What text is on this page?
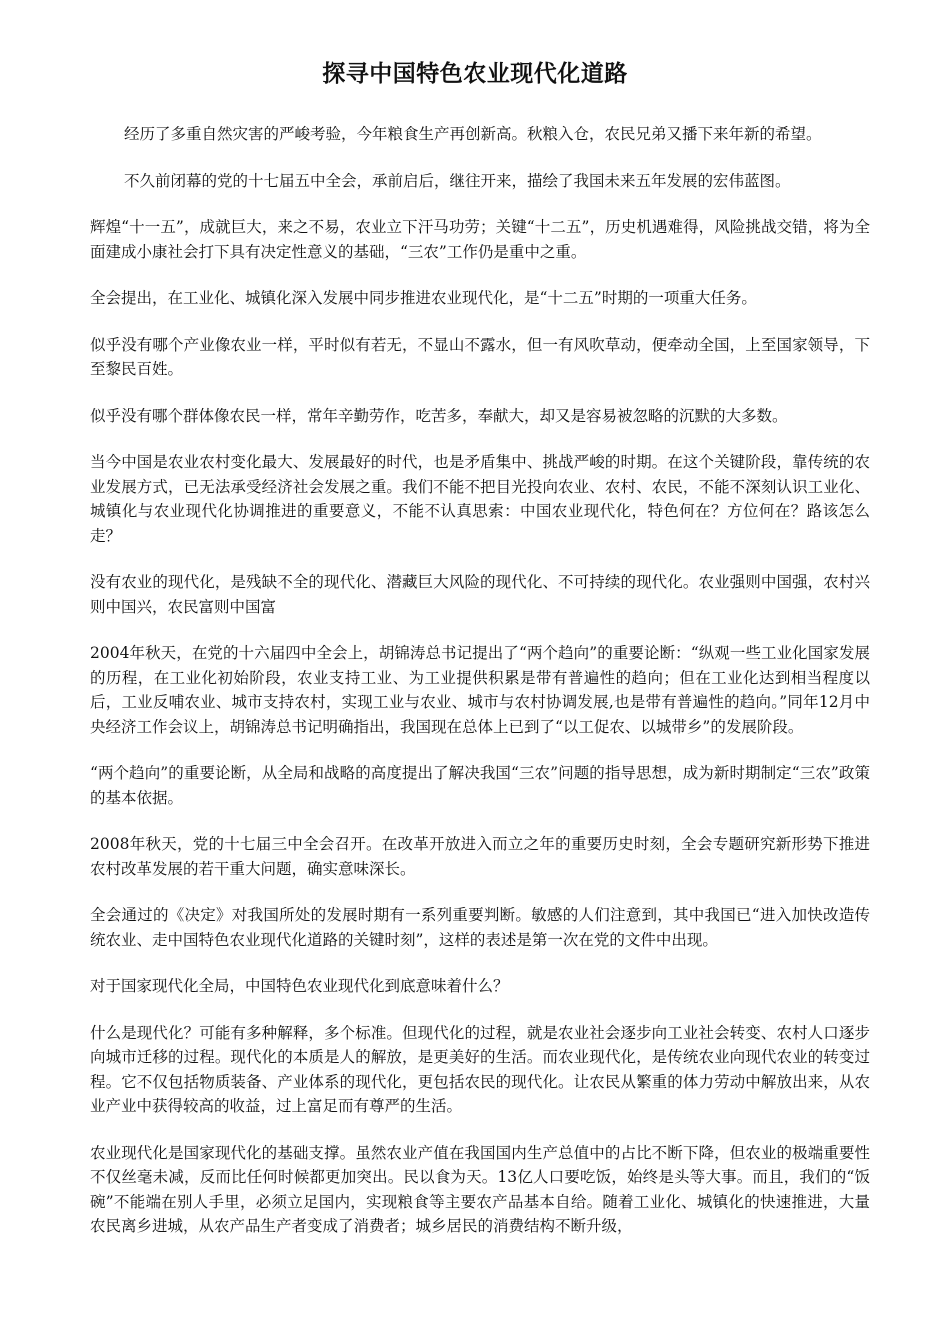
探寻中国特色农业现代化道路

经历了多重自然灾害的严峻考验，今年粮食生产再创新高。秋粮入仓，农民兄弟又播下来年新的希望。

不久前闭幕的党的十七届五中全会，承前启后，继往开来，描绘了我国未来五年发展的宏伟蓝图。

辉煌“十一五”，成就巨大，来之不易，农业立下汗马功劳；关键“十二五”，历史机遇难得，风险挑战交错，将为全面建成小康社会打下具有决定性意义的基础，“三农”工作仍是重中之重。

全会提出，在工业化、城镇化深入发展中同步推进农业现代化，是“十二五”时期的一项重大任务。

似乎没有哪个产业像农业一样，平时似有若无，不显山不露水，但一有风吹草动，便牵动全国，上至国家领导，下至黎民百姓。

似乎没有哪个群体像农民一样，常年辛勤劳作，吃苦多，奉献大，却又是容易被忽略的沉默的大多数。

当今中国是农业农村变化最大、发展最好的时代，也是矛盾集中、挑战严峻的时期。在这个关键阶段，靠传统的农业发展方式，已无法承受经济社会发展之重。我们不能不把目光投向农业、农村、农民，不能不深刻认识工业化、城镇化与农业现代化协调推进的重要意义，不能不认真思索：中国农业现代化，特色何在？方位何在？路该怎么走？

没有农业的现代化，是残缺不全的现代化、潜藏巨大风险的现代化、不可持续的现代化。农业强则中国强，农村兴则中国兴，农民富则中国富

2004年秋天，在党的十六届四中全会上，胡锦涛总书记提出了“两个趋向”的重要论断：“纵观一些工业化国家发展的历程，在工业化初始阶段，农业支持工业、为工业提供积累是带有普遍性的趋向；但在工业化达到相当程度以后，工业反哺农业、城市支持农村，实现工业与农业、城市与农村协调发展,也是带有普遍性的趋向。”同年12月中央经济工作会议上，胡锦涛总书记明确指出，我国现在总体上已到了“以工促农、以城带乡”的发展阶段。

“两个趋向”的重要论断，从全局和战略的高度提出了解决我国“三农”问题的指导思想，成为新时期制定“三农”政策的基本依据。

2008年秋天，党的十七届三中全会召开。在改革开放进入而立之年的重要历史时刻，全会专题研究新形势下推进农村改革发展的若干重大问题，确实意味深长。

全会通过的《决定》对我国所处的发展时期有一系列重要判断。敏感的人们注意到，其中我国已“进入加快改造传统农业、走中国特色农业现代化道路的关键时刻”，这样的表述是第一次在党的文件中出现。

对于国家现代化全局，中国特色农业现代化到底意味着什么？

什么是现代化？可能有多种解释，多个标准。但现代化的过程，就是农业社会逐步向工业社会转变、农村人口逐步向城市迁移的过程。现代化的本质是人的解放，是更美好的生活。而农业现代化，是传统农业向现代农业的转变过程。它不仅包括物质装备、产业体系的现代化，更包括农民的现代化。让农民从繁重的体力劳动中解放出来，从农业产业中获得较高的收益，过上富足而有尊严的生活。

农业现代化是国家现代化的基础支撑。虽然农业产值在我国国内生产总值中的占比不断下降，但农业的极端重要性不仅丝毫未减，反而比任何时候都更加突出。民以食为天。13亿人口要吃饭，始终是头等大事。而且，我们的“饭碗”不能端在别人手里，必须立足国内，实现粮食等主要农产品基本自给。随着工业化、城镇化的快速推进，大量农民离乡进城，从农产品生产者变成了消费者；城乡居民的消费结构不断升级，
